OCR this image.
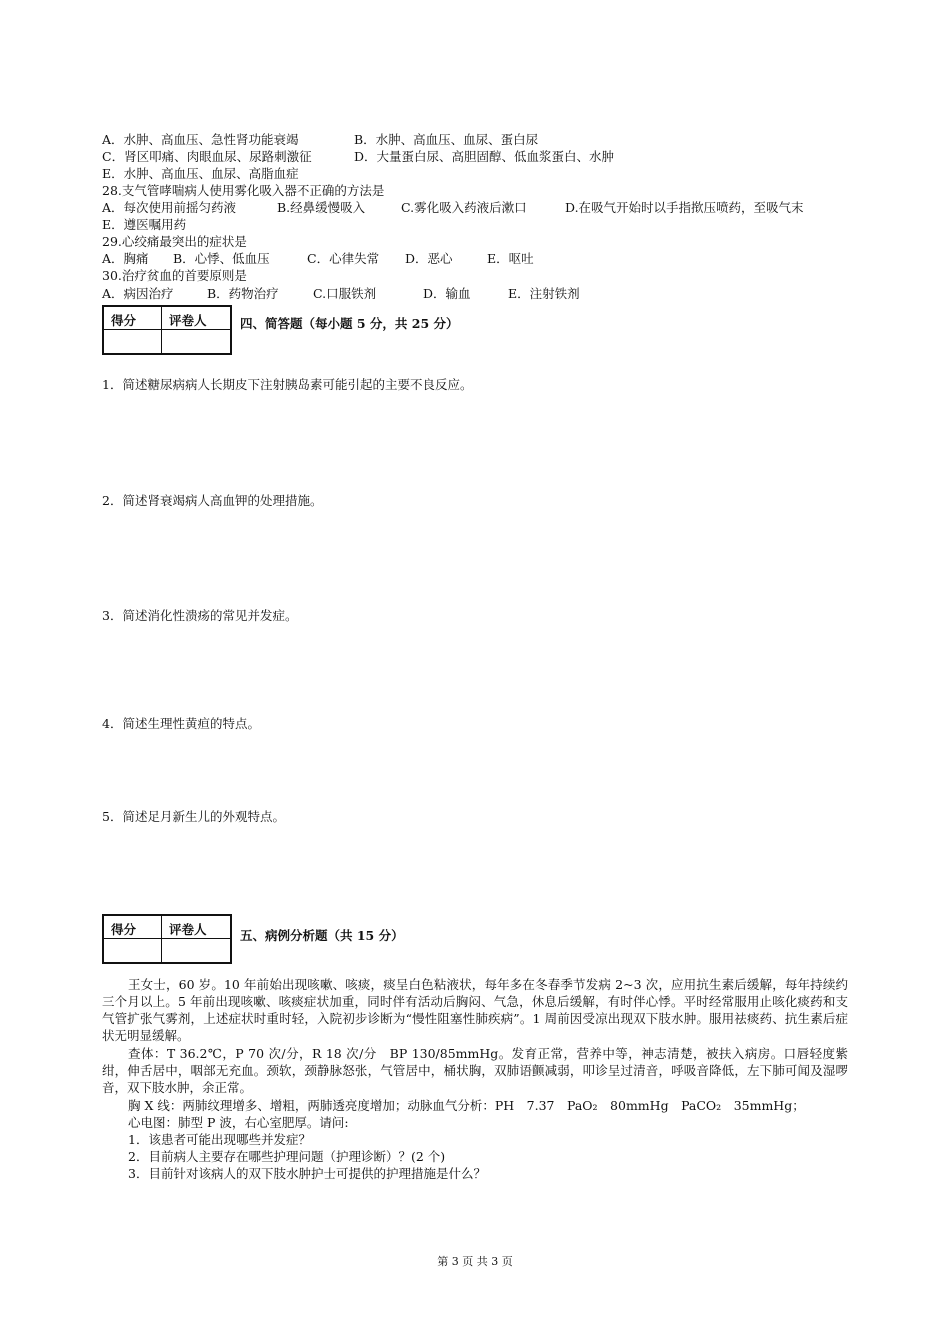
A．水肿、高血压、急性肾功能衰竭	B．水肿、高血压、血尿、蛋白尿
C．肾区叩痛、肉眼血尿、尿路刺激征	D．大量蛋白尿、高胆固醇、低血浆蛋白、水肿
E．水肿、高血压、血尿、高脂血症
28.支气管哮喘病人使用雾化吸入器不正确的方法是
A．每次使用前摇匀药液	B.经鼻缓慢吸入	C.雾化吸入药液后漱口	D.在吸气开始时以手指揿压喷药，至吸气末
E．遵医嘱用药
29.心绞痛最突出的症状是
A．胸痛 B．心悸、低血压	C．心律失常 D．恶心	E．呕吐
30.治疗贫血的首要原则是
A．病因治疗	B．药物治疗	C.口服铁剂	D．输血	E．注射铁剂
得分	评卷人	四、简答题（每小题 5 分，共 25 分）
1．简述糖尿病病人长期皮下注射胰岛素可能引起的主要不良反应。
2．简述肾衰竭病人高血钾的处理措施。
3．简述消化性溃疡的常见并发症。
4．简述生理性黄疸的特点。
5．简述足月新生儿的外观特点。
得分	评卷人	五、病例分析题（共 15 分）
王女士，60 岁。10 年前始出现咳嗽、咳痰，痰呈白色粘液状，每年多在冬春季节发病 2~3 次，应用抗生素后缓解，每年持续约三个月以上。5 年前出现咳嗽、咳痰症状加重，同时伴有活动后胸闷、气急，休息后缓解，有时伴心悸。平时经常服用止咳化痰药和支气管扩张气雾剂，上述症状时重时轻，入院初步诊断为“慢性阻塞性肺疾病”。1 周前因受凉出现双下肢水肿。服用祛痰药、抗生素后症状无明显缓解。
查体：T 36.2℃，P 70 次/分，R 18 次/分　BP 130/85mmHg。发育正常，营养中等，神志清楚，被扶入病房。口唇轻度紫绀，伸舌居中，咽部无充血。颈软，颈静脉怒张，气管居中，桶状胸，双肺语颤减弱，叩诊呈过清音，呼吸音降低，左下肺可闻及湿啰音，双下肢水肿，余正常。
胸 X 线：两肺纹理增多、增粗，两肺透亮度增加；动脉血气分析：PH　7.37　PaO₂　80mmHg　PaCO₂　35mmHg；
心电图：肺型 P 波，右心室肥厚。请问:
1．该患者可能出现哪些并发症？
2．目前病人主要存在哪些护理问题（护理诊断）？(2 个)
3．目前针对该病人的双下肢水肿护士可提供的护理措施是什么？
第 3 页 共 3 页
